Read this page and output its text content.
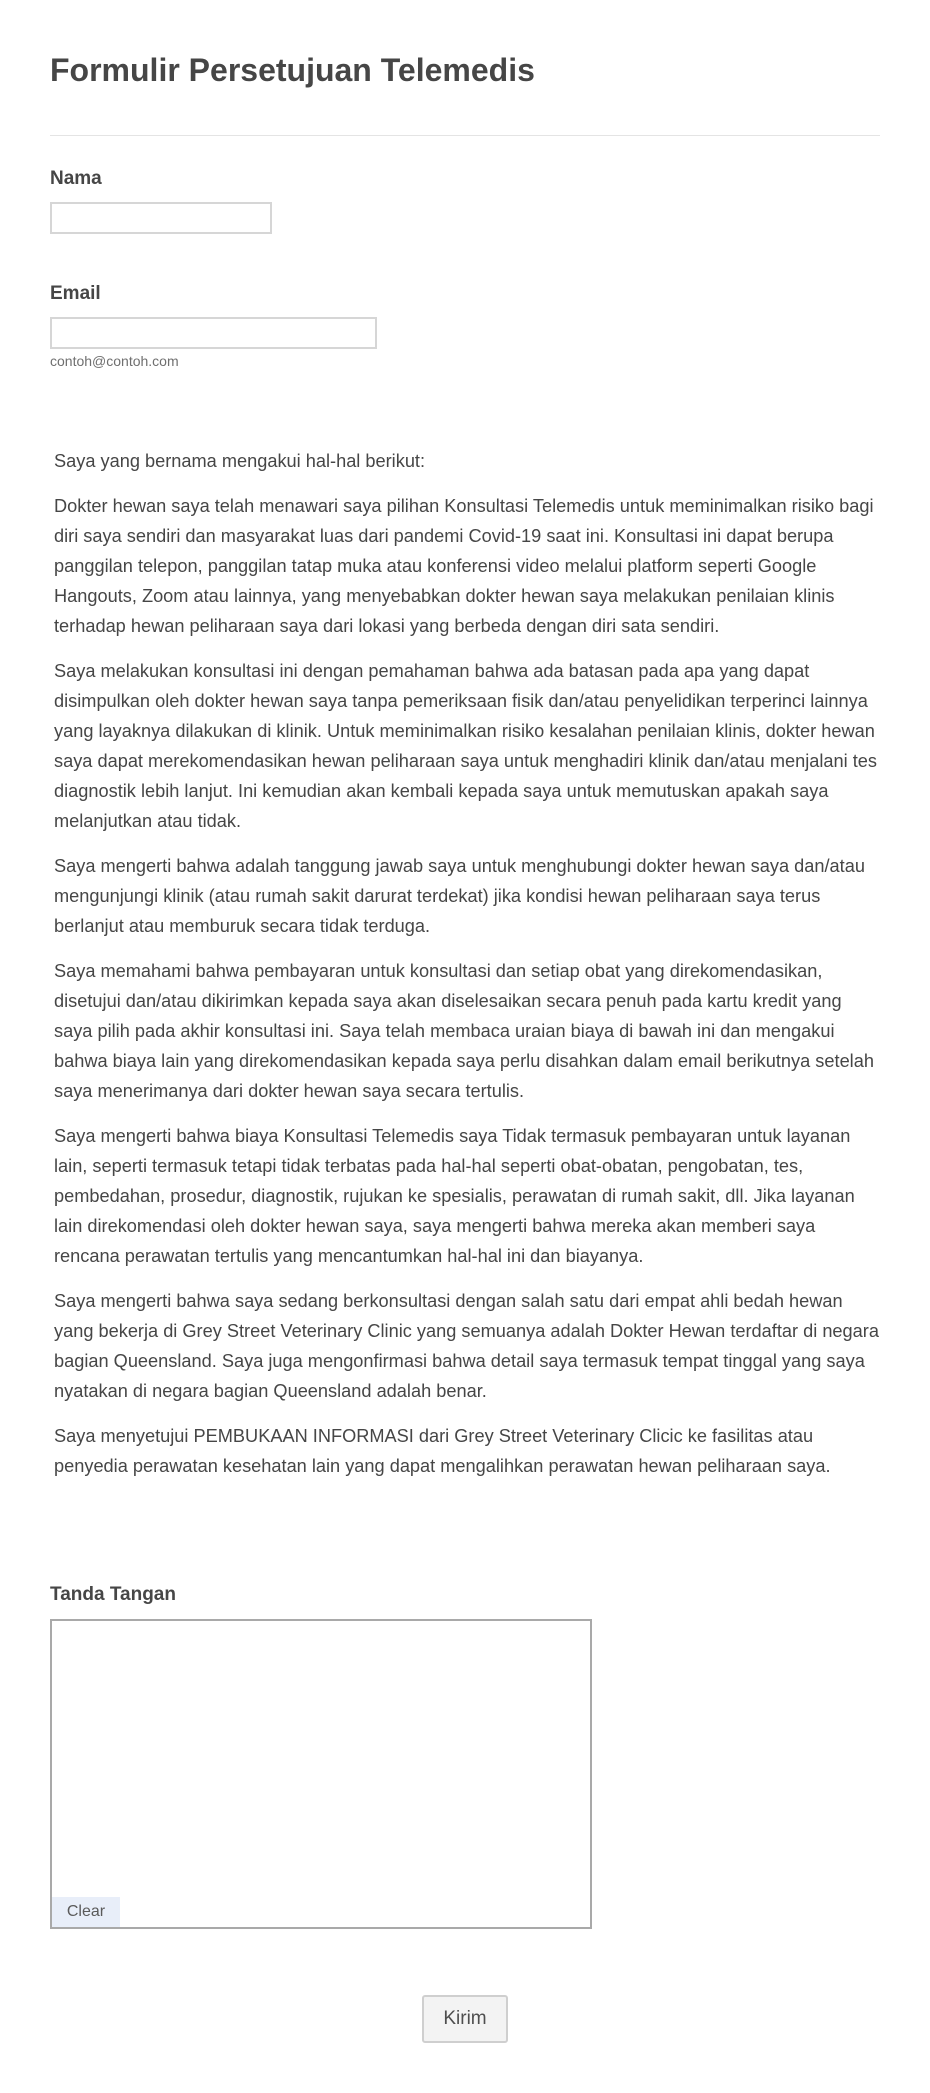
Formulir Persetujuan Telemedis
Nama
Email
contoh@contoh.com

Saya yang bernama mengakui hal-hal berikut:

Dokter hewan saya telah menawari saya pilihan Konsultasi Telemedis untuk meminimalkan risiko bagi diri saya sendiri dan masyarakat luas dari pandemi Covid-19 saat ini. Konsultasi ini dapat berupa panggilan telepon, panggilan tatap muka atau konferensi video melalui platform seperti Google Hangouts, Zoom atau lainnya, yang menyebabkan dokter hewan saya melakukan penilaian klinis terhadap hewan peliharaan saya dari lokasi yang berbeda dengan diri sata sendiri.

Saya melakukan konsultasi ini dengan pemahaman bahwa ada batasan pada apa yang dapat disimpulkan oleh dokter hewan saya tanpa pemeriksaan fisik dan/atau penyelidikan terperinci lainnya yang layaknya dilakukan di klinik. Untuk meminimalkan risiko kesalahan penilaian klinis, dokter hewan saya dapat merekomendasikan hewan peliharaan saya untuk menghadiri klinik dan/atau menjalani tes diagnostik lebih lanjut. Ini kemudian akan kembali kepada saya untuk memutuskan apakah saya melanjutkan atau tidak.

Saya mengerti bahwa adalah tanggung jawab saya untuk menghubungi dokter hewan saya dan/atau mengunjungi klinik (atau rumah sakit darurat terdekat) jika kondisi hewan peliharaan saya terus berlanjut atau memburuk secara tidak terduga.

Saya memahami bahwa pembayaran untuk konsultasi dan setiap obat yang direkomendasikan, disetujui dan/atau dikirimkan kepada saya akan diselesaikan secara penuh pada kartu kredit yang saya pilih pada akhir konsultasi ini. Saya telah membaca uraian biaya di bawah ini dan mengakui bahwa biaya lain yang direkomendasikan kepada saya perlu disahkan dalam email berikutnya setelah saya menerimanya dari dokter hewan saya secara tertulis.

Saya mengerti bahwa biaya Konsultasi Telemedis saya Tidak termasuk pembayaran untuk layanan lain, seperti termasuk tetapi tidak terbatas pada hal-hal seperti obat-obatan, pengobatan, tes, pembedahan, prosedur, diagnostik, rujukan ke spesialis, perawatan di rumah sakit, dll. Jika layanan lain direkomendasi oleh dokter hewan saya, saya mengerti bahwa mereka akan memberi saya rencana perawatan tertulis yang mencantumkan hal-hal ini dan biayanya.

Saya mengerti bahwa saya sedang berkonsultasi dengan salah satu dari empat ahli bedah hewan yang bekerja di Grey Street Veterinary Clinic yang semuanya adalah Dokter Hewan terdaftar di negara bagian Queensland. Saya juga mengonfirmasi bahwa detail saya termasuk tempat tinggal yang saya nyatakan di negara bagian Queensland adalah benar.

Saya menyetujui PEMBUKAAN INFORMASI dari Grey Street Veterinary Clicic ke fasilitas atau penyedia perawatan kesehatan lain yang dapat mengalihkan perawatan hewan peliharaan saya.

Tanda Tangan
Clear
Kirim
